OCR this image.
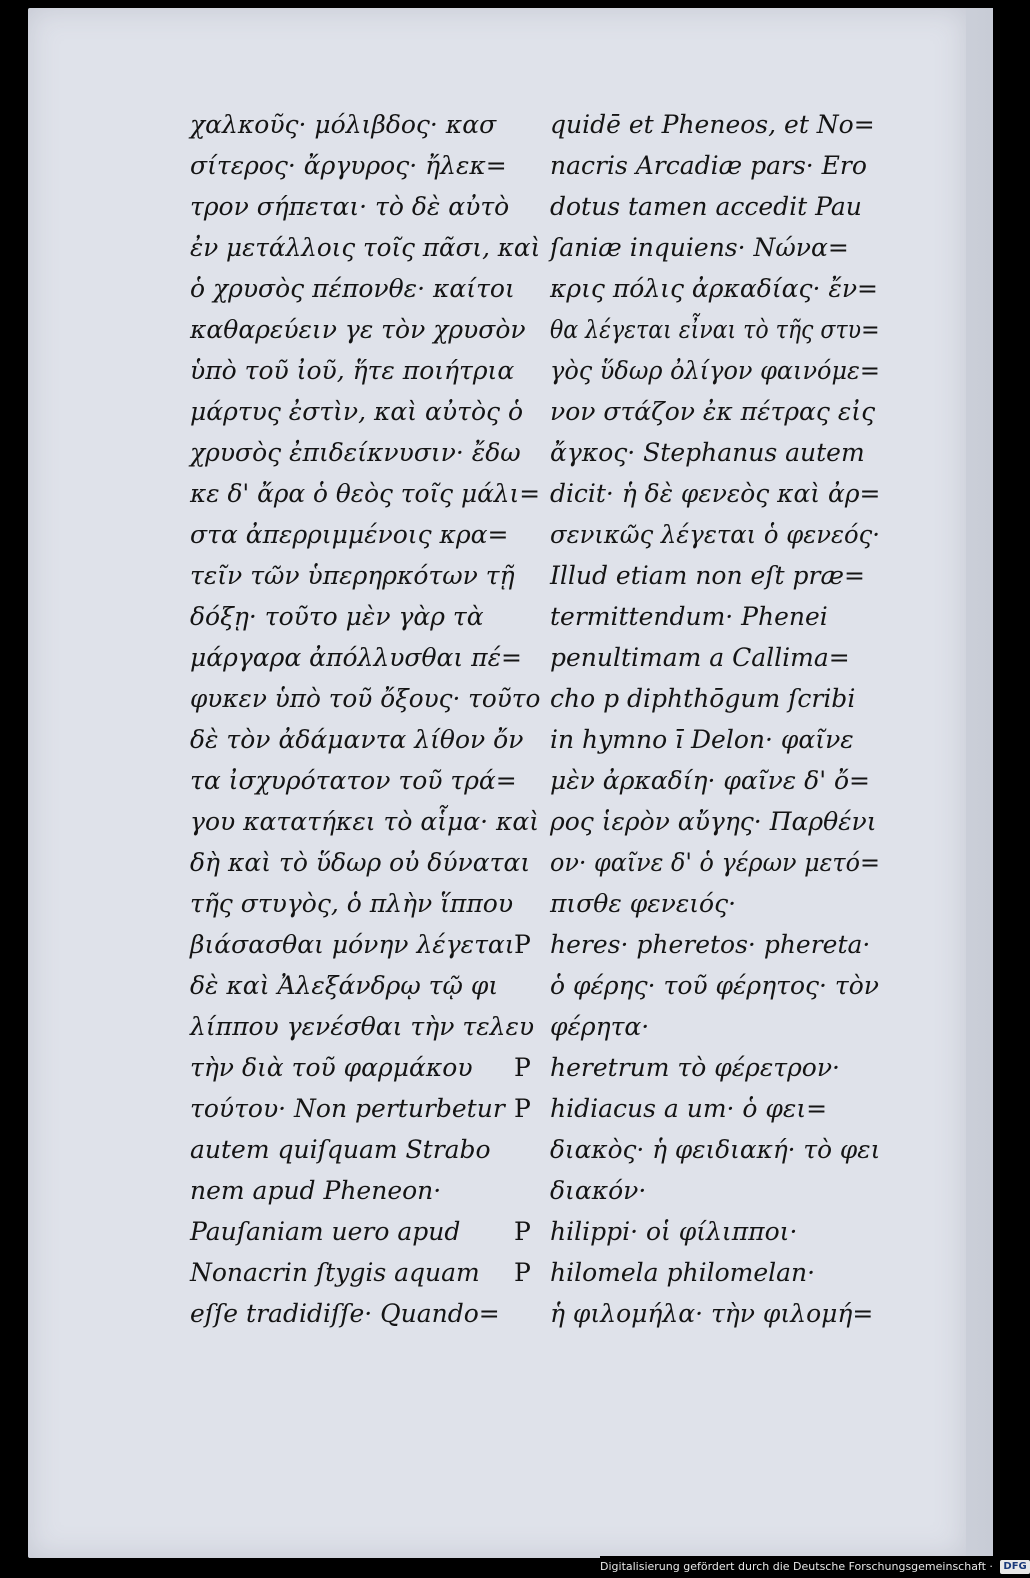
χαλκοῦς· μόλιβδος· κασ
σίτερος· ἄργυρος· ἤλεκ=
τρον σήπεται· τὸ δὲ αὐτὸ
ἐν μετάλλοις τοῖς πᾶσι, καὶ
ὁ χρυσὸς πέπονθε· καίτοι
καθαρεύειν γε τὸν χρυσὸν
ὑπὸ τοῦ ἰοῦ, ἥτε ποιήτρια
μάρτυς ἐστὶν, καὶ αὐτὸς ὁ
χρυσὸς ἐπιδείκνυσιν· ἔδω
κε δ' ἄρα ὁ θεὸς τοῖς μάλι=
στα ἀπερριμμένοις κρα=
τεῖν τῶν ὑπερηρκότων τῇ
δόξῃ· τοῦτο μὲν γὰρ τὰ
μάργαρα ἀπόλλυσθαι πέ=
φυκεν ὑπὸ τοῦ ὄξους· τοῦτο
δὲ τὸν ἀδάμαντα λίθον ὄν
τα ἰσχυρότατον τοῦ τρά=
γου κατατήκει τὸ αἷμα· καὶ
δὴ καὶ τὸ ὕδωρ οὐ δύναται
τῆς στυγὸς, ὁ πλὴν ἵππου
βιάσασθαι μόνην λέγεται
δὲ καὶ Ἀλεξάνδρῳ τῷ φι
λίππου γενέσθαι τὴν τελευ
τὴν διὰ τοῦ φαρμάκου
τούτου· Non perturbetur
autem quiſquam Strabo
nem apud Pheneon·
Pauſaniam uero apud
Nonacrin ſtygis aquam
eſſe tradidiſſe· Quando=
quidē et Pheneos, et No=
nacris Arcadiæ pars· Ero
dotus tamen accedit Pau
ſaniæ inquiens· Νώνα=
κρις πόλις ἀρκαδίας· ἔν=
θα λέγεται εἶναι τὸ τῆς στυ=
γὸς ὕδωρ ὀλίγον φαινόμε=
νον στάζον ἐκ πέτρας εἰς
ἄγκος· Stephanus autem
dicit· ἡ δὲ φενεὸς καὶ ἀρ=
σενικῶς λέγεται ὁ φενεός·
Illud etiam non eſt præ=
termittendum· Phenei
penultimam a Callima=
cho p diphthōgum ſcribi
in hymno ī Delon· φαῖνε
μὲν ἀρκαδίη· φαῖνε δ' ὄ=
ρος ἱερὸν αὔγης· Παρθένι
ον· φαῖνε δ' ὁ γέρων μετό=
πισθε φενειός·
P heres· pheretos· phereta·
ὁ φέρης· τοῦ φέρητος· τὸν
φέρητα·
P heretrum τὸ φέρετρον·
P hidiacus a um· ὁ φει=
διακὸς· ἡ φειδιακή· τὸ φει
διακόν·
P hilippi· οἱ φίλιπποι·
P hilomela philomelan·
ἡ φιλομήλα· τὴν φιλομή=
Digitalisierung gefördert durch die Deutsche Forschungsgemeinschaft · DFG
